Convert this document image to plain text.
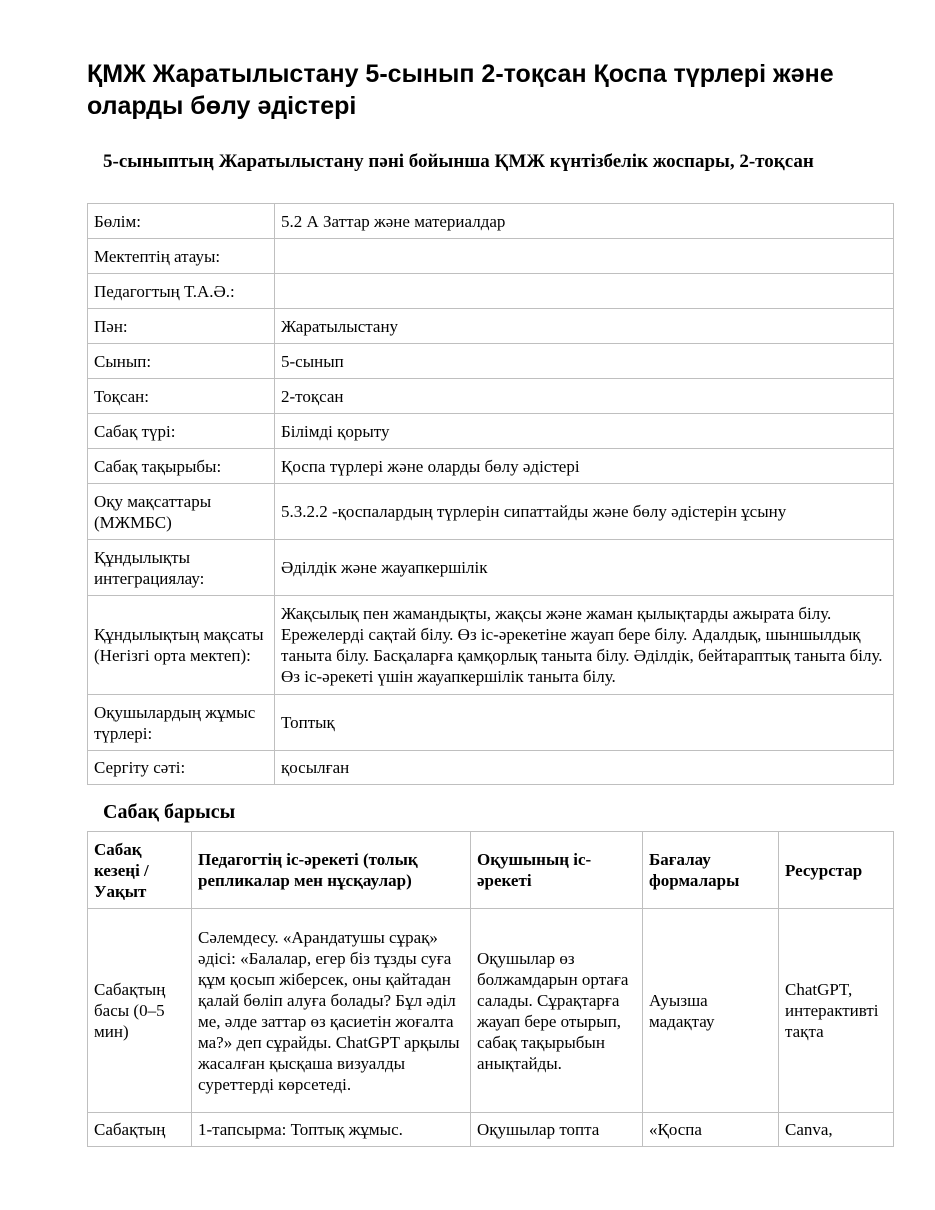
ҚМЖ Жаратылыстану 5-сынып 2-тоқсан Қоспа түрлері және оларды бөлу әдістері
5-сыныптың Жаратылыстану пәні бойынша ҚМЖ күнтізбелік жоспары, 2-тоқсан
Бөлім:	5.2 А Заттар және материалдар
Мектептің атауы:	
Педагогтың Т.А.Ә.:	
Пән:	Жаратылыстану
Сынып:	5-сынып
Тоқсан:	2-тоқсан
Сабақ түрі:	Білімді қорыту
Сабақ тақырыбы:	Қоспа түрлері және оларды бөлу әдістері
Оқу мақсаттары (МЖМБС)	5.3.2.2 -қоспалардың түрлерін сипаттайды және бөлу әдістерін ұсыну
Құндылықты интеграциялау:	Әділдік және жауапкершілік
Құндылықтың мақсаты (Негізгі орта мектеп):	Жақсылық пен жамандықты, жақсы және жаман қылықтарды ажырата білу. Ережелерді сақтай білу. Өз іс-әрекетіне жауап бере білу. Адалдық, шыншылдық таныта білу. Басқаларға қамқорлық таныта білу. Әділдік, бейтараптық таныта білу. Өз іс-әрекеті үшін жауапкершілік таныта білу.
Оқушылардың жұмыс түрлері:	Топтық
Сергіту сәті:	қосылған
Сабақ барысы
Сабақ кезеңі / Уақыт	Педагогтің іс-әрекеті (толық репликалар мен нұсқаулар)	Оқушының іс-әрекеті	Бағалау формалары	Ресурстар
Сабақтың басы (0–5 мин)	Сәлемдесу. «Арандатушы сұрақ» әдісі: «Балалар, егер біз тұзды суға құм қосып жіберсек, оны қайтадан қалай бөліп алуға болады? Бұл әділ ме, әлде заттар өз қасиетін жоғалта ма?» деп сұрайды. ChatGPT арқылы жасалған қысқаша визуалды суреттерді көрсетеді.	Оқушылар өз болжамдарын ортаға салады. Сұрақтарға жауап бере отырып, сабақ тақырыбын анықтайды.	Ауызша мадақтау	ChatGPT, интерактивті тақта
Сабақтың	1-тапсырма: Топтық жұмыс.	Оқушылар топта	«Қоспа	Canva,
